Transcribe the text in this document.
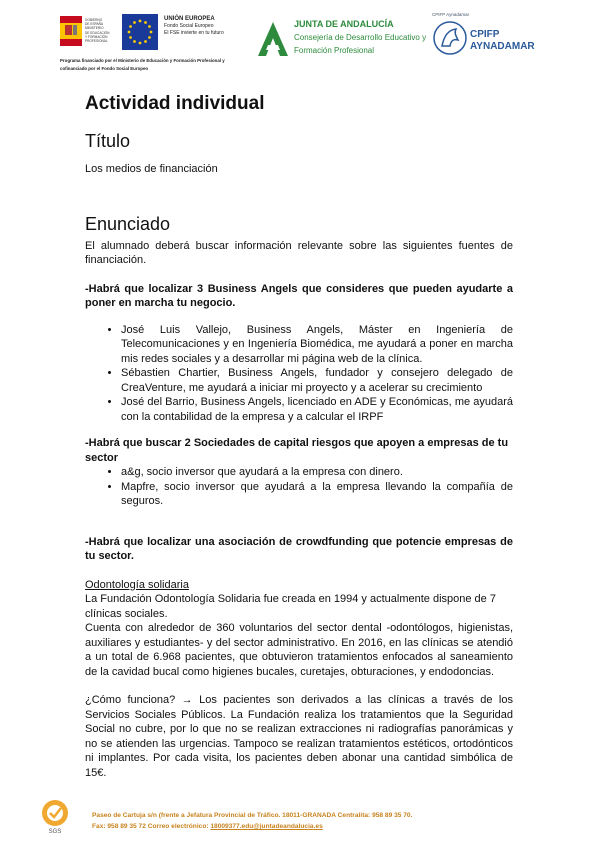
GOBIERNO
DE ESPAÑA
MINISTERIO
DE EDUCACIÓN
Y FORMACIÓN PROFESIONAL
UNIÓN EUROPEA
Fondo Social Europeo
El FSE invierte en tu futuro
Programa financiado por el Ministerio de Educación y Formación Profesional y
cofinanciado por el Fondo Social Europeo
JUNTA DE ANDALUCÍA
Consejería de Desarrollo Educativo y
Formación Profesional
CPIFP Aynadamar
CPIFP
AYNADAMAR
Actividad individual
Título
Los medios de financiación
Enunciado
El alumnado deberá buscar información relevante sobre las siguientes fuentes de financiación.
-Habrá que localizar 3 Business Angels que consideres que pueden ayudarte a poner en marcha tu negocio.
• José Luis Vallejo, Business Angels, Máster en Ingeniería de Telecomunicaciones y en Ingeniería Biomédica, me ayudará a poner en marcha mis redes sociales y a desarrollar mi página web de la clínica.
• Sébastien Chartier, Business Angels, fundador y consejero delegado de CreaVenture, me ayudará a iniciar mi proyecto y a acelerar su crecimiento
• José del Barrio, Business Angels, licenciado en ADE y Económicas, me ayudará con la contabilidad de la empresa y a calcular el IRPF
-Habrá que buscar 2 Sociedades de capital riesgos que apoyen a empresas de tu sector
• a&g, socio inversor que ayudará a la empresa con dinero.
• Mapfre, socio inversor que ayudará a la empresa llevando la compañía de seguros.
-Habrá que localizar una asociación de crowdfunding que potencie empresas de tu sector.
Odontología solidaria
La Fundación Odontología Solidaria fue creada en 1994 y actualmente dispone de 7 clínicas sociales.
Cuenta con alrededor de 360 voluntarios del sector dental -odontólogos, higienistas, auxiliares y estudiantes- y del sector administrativo. En 2016, en las clínicas se atendió a un total de 6.968 pacientes, que obtuvieron tratamientos enfocados al saneamiento de la cavidad bucal como higienes bucales, curetajes, obturaciones, y endodoncias.
¿Cómo funciona? → Los pacientes son derivados a las clínicas a través de los Servicios Sociales Públicos. La Fundación realiza los tratamientos que la Seguridad Social no cubre, por lo que no se realizan extracciones ni radiografías panorámicas y no se atienden las urgencias. Tampoco se realizan tratamientos estéticos, ortodónticos ni implantes. Por cada visita, los pacientes deben abonar una cantidad simbólica de 15€.
SGS
Paseo de Cartuja s/n (frente a Jefatura Provincial de Tráfico. 18011-GRANADA Centralita: 958 89 35 70.
Fax: 958 89 35 72 Correo electrónico: 18009377.edu@juntadeandalucia.es
